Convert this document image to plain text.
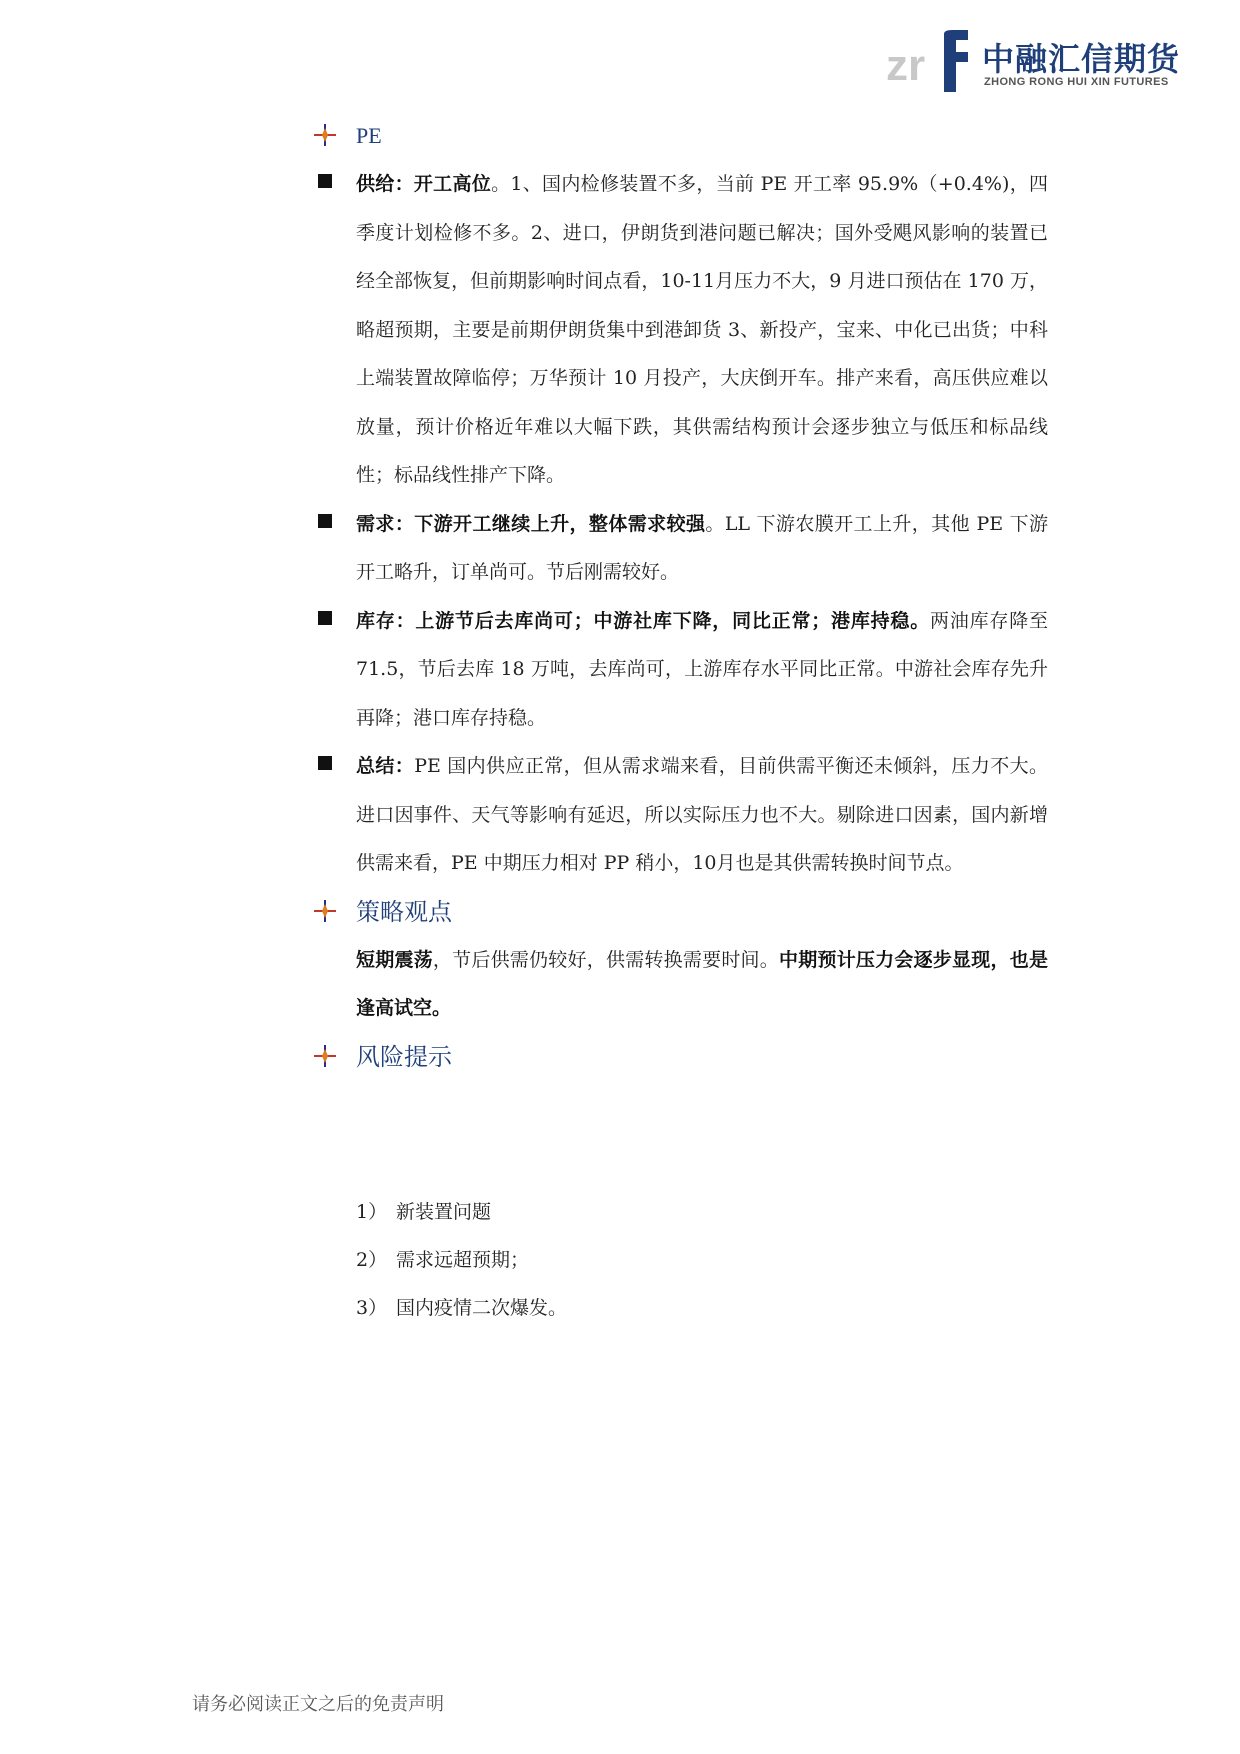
zr 中融汇信期货
ZHONG RONG HUI XIN FUTURES
PE

供给：开工高位。1、国内检修装置不多，当前 PE 开工率 95.9%（+0.4%)，四季度计划检修不多。2、进口，伊朗货到港问题已解决；国外受飓风影响的装置已经全部恢复，但前期影响时间点看，10-11月压力不大，9 月进口预估在 170 万，略超预期，主要是前期伊朗货集中到港卸货 3、新投产，宝来、中化已出货；中科上端装置故障临停；万华预计 10 月投产，大庆倒开车。排产来看，高压供应难以放量，预计价格近年难以大幅下跌，其供需结构预计会逐步独立与低压和标品线性；标品线性排产下降。

需求：下游开工继续上升，整体需求较强。LL 下游农膜开工上升，其他 PE 下游开工略升，订单尚可。节后刚需较好。

库存：上游节后去库尚可；中游社库下降，同比正常；港库持稳。两油库存降至 71.5，节后去库 18 万吨，去库尚可，上游库存水平同比正常。中游社会库存先升再降；港口库存持稳。

总结：PE 国内供应正常，但从需求端来看，目前供需平衡还未倾斜，压力不大。进口因事件、天气等影响有延迟，所以实际压力也不大。剔除进口因素，国内新增供需来看，PE 中期压力相对 PP 稍小，10月也是其供需转换时间节点。

策略观点

短期震荡，节后供需仍较好，供需转换需要时间。中期预计压力会逐步显现，也是逢高试空。

风险提示
1） 新装置问题
2） 需求远超预期；
3） 国内疫情二次爆发。
请务必阅读正文之后的免责声明
